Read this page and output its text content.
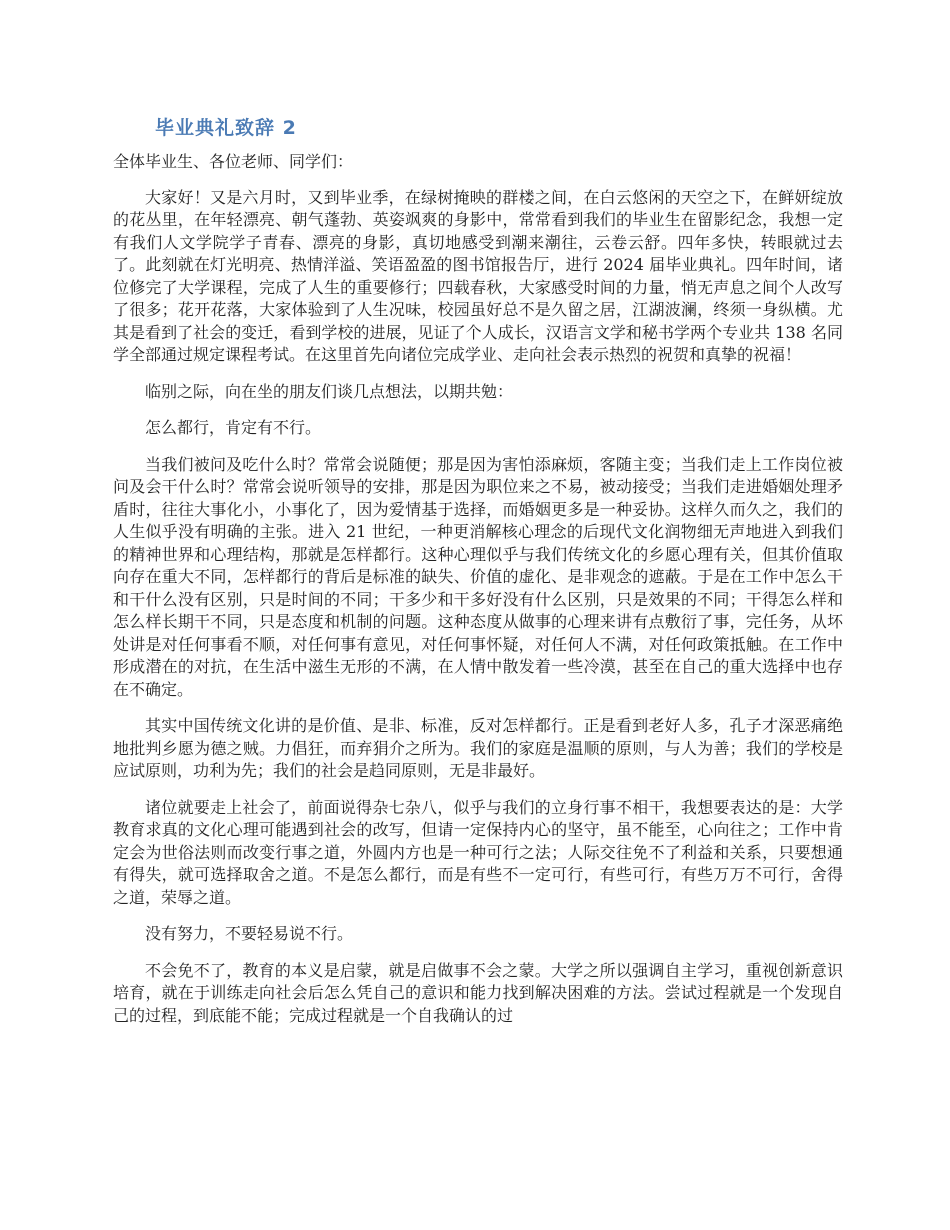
毕业典礼致辞 2

全体毕业生、各位老师、同学们：

大家好！又是六月时，又到毕业季，在绿树掩映的群楼之间，在白云悠闲的天空之下，在鲜妍绽放的花丛里，在年轻漂亮、朝气蓬勃、英姿飒爽的身影中，常常看到我们的毕业生在留影纪念，我想一定有我们人文学院学子青春、漂亮的身影，真切地感受到潮来潮往，云卷云舒。四年多快，转眼就过去了。此刻就在灯光明亮、热情洋溢、笑语盈盈的图书馆报告厅，进行 2024 届毕业典礼。四年时间，诸位修完了大学课程，完成了人生的重要修行；四载春秋，大家感受时间的力量，悄无声息之间个人改写了很多；花开花落，大家体验到了人生况味，校园虽好总不是久留之居，江湖波澜，终须一身纵横。尤其是看到了社会的变迁，看到学校的进展，见证了个人成长，汉语言文学和秘书学两个专业共 138 名同学全部通过规定课程考试。在这里首先向诸位完成学业、走向社会表示热烈的祝贺和真挚的祝福！

临别之际，向在坐的朋友们谈几点想法，以期共勉：

怎么都行，肯定有不行。

当我们被问及吃什么时？常常会说随便；那是因为害怕添麻烦，客随主变；当我们走上工作岗位被问及会干什么时？常常会说听领导的安排，那是因为职位来之不易，被动接受；当我们走进婚姻处理矛盾时，往往大事化小，小事化了，因为爱情基于选择，而婚姻更多是一种妥协。这样久而久之，我们的人生似乎没有明确的主张。进入 21 世纪，一种更消解核心理念的后现代文化润物细无声地进入到我们的精神世界和心理结构，那就是怎样都行。这种心理似乎与我们传统文化的乡愿心理有关，但其价值取向存在重大不同，怎样都行的背后是标准的缺失、价值的虚化、是非观念的遮蔽。于是在工作中怎么干和干什么没有区别，只是时间的不同；干多少和干多好没有什么区别，只是效果的不同；干得怎么样和怎么样长期干不同，只是态度和机制的问题。这种态度从做事的心理来讲有点敷衍了事，完任务，从坏处讲是对任何事看不顺，对任何事有意见，对任何事怀疑，对任何人不满，对任何政策抵触。在工作中形成潜在的对抗，在生活中滋生无形的不满，在人情中散发着一些冷漠，甚至在自己的重大选择中也存在不确定。

其实中国传统文化讲的是价值、是非、标准，反对怎样都行。正是看到老好人多，孔子才深恶痛绝地批判乡愿为德之贼。力倡狂，而弃狷介之所为。我们的家庭是温顺的原则，与人为善；我们的学校是应试原则，功利为先；我们的社会是趋同原则，无是非最好。

诸位就要走上社会了，前面说得杂七杂八，似乎与我们的立身行事不相干，我想要表达的是：大学教育求真的文化心理可能遇到社会的改写，但请一定保持内心的坚守，虽不能至，心向往之；工作中肯定会为世俗法则而改变行事之道，外圆内方也是一种可行之法；人际交往免不了利益和关系，只要想通有得失，就可选择取舍之道。不是怎么都行，而是有些不一定可行，有些可行，有些万万不可行，舍得之道，荣辱之道。

没有努力，不要轻易说不行。

不会免不了，教育的本义是启蒙，就是启做事不会之蒙。大学之所以强调自主学习，重视创新意识培育，就在于训练走向社会后怎么凭自己的意识和能力找到解决困难的方法。尝试过程就是一个发现自己的过程，到底能不能；完成过程就是一个自我确认的过
